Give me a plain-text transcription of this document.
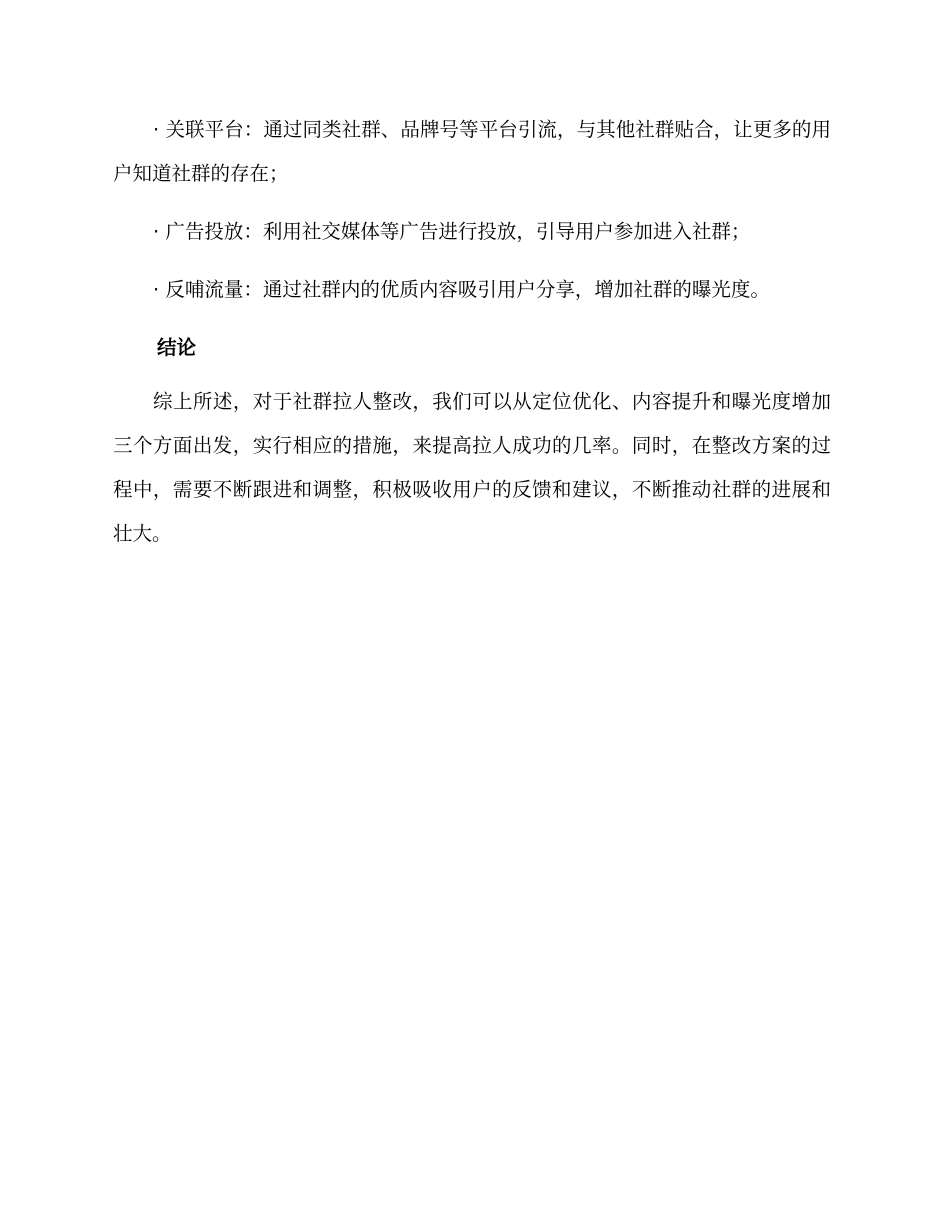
· 关联平台：通过同类社群、品牌号等平台引流，与其他社群贴合，让更多的用户知道社群的存在；

· 广告投放：利用社交媒体等广告进行投放，引导用户参加进入社群；

· 反哺流量：通过社群内的优质内容吸引用户分享，增加社群的曝光度。

结论

综上所述，对于社群拉人整改，我们可以从定位优化、内容提升和曝光度增加三个方面出发，实行相应的措施，来提高拉人成功的几率。同时，在整改方案的过程中，需要不断跟进和调整，积极吸收用户的反馈和建议，不断推动社群的进展和壮大。
